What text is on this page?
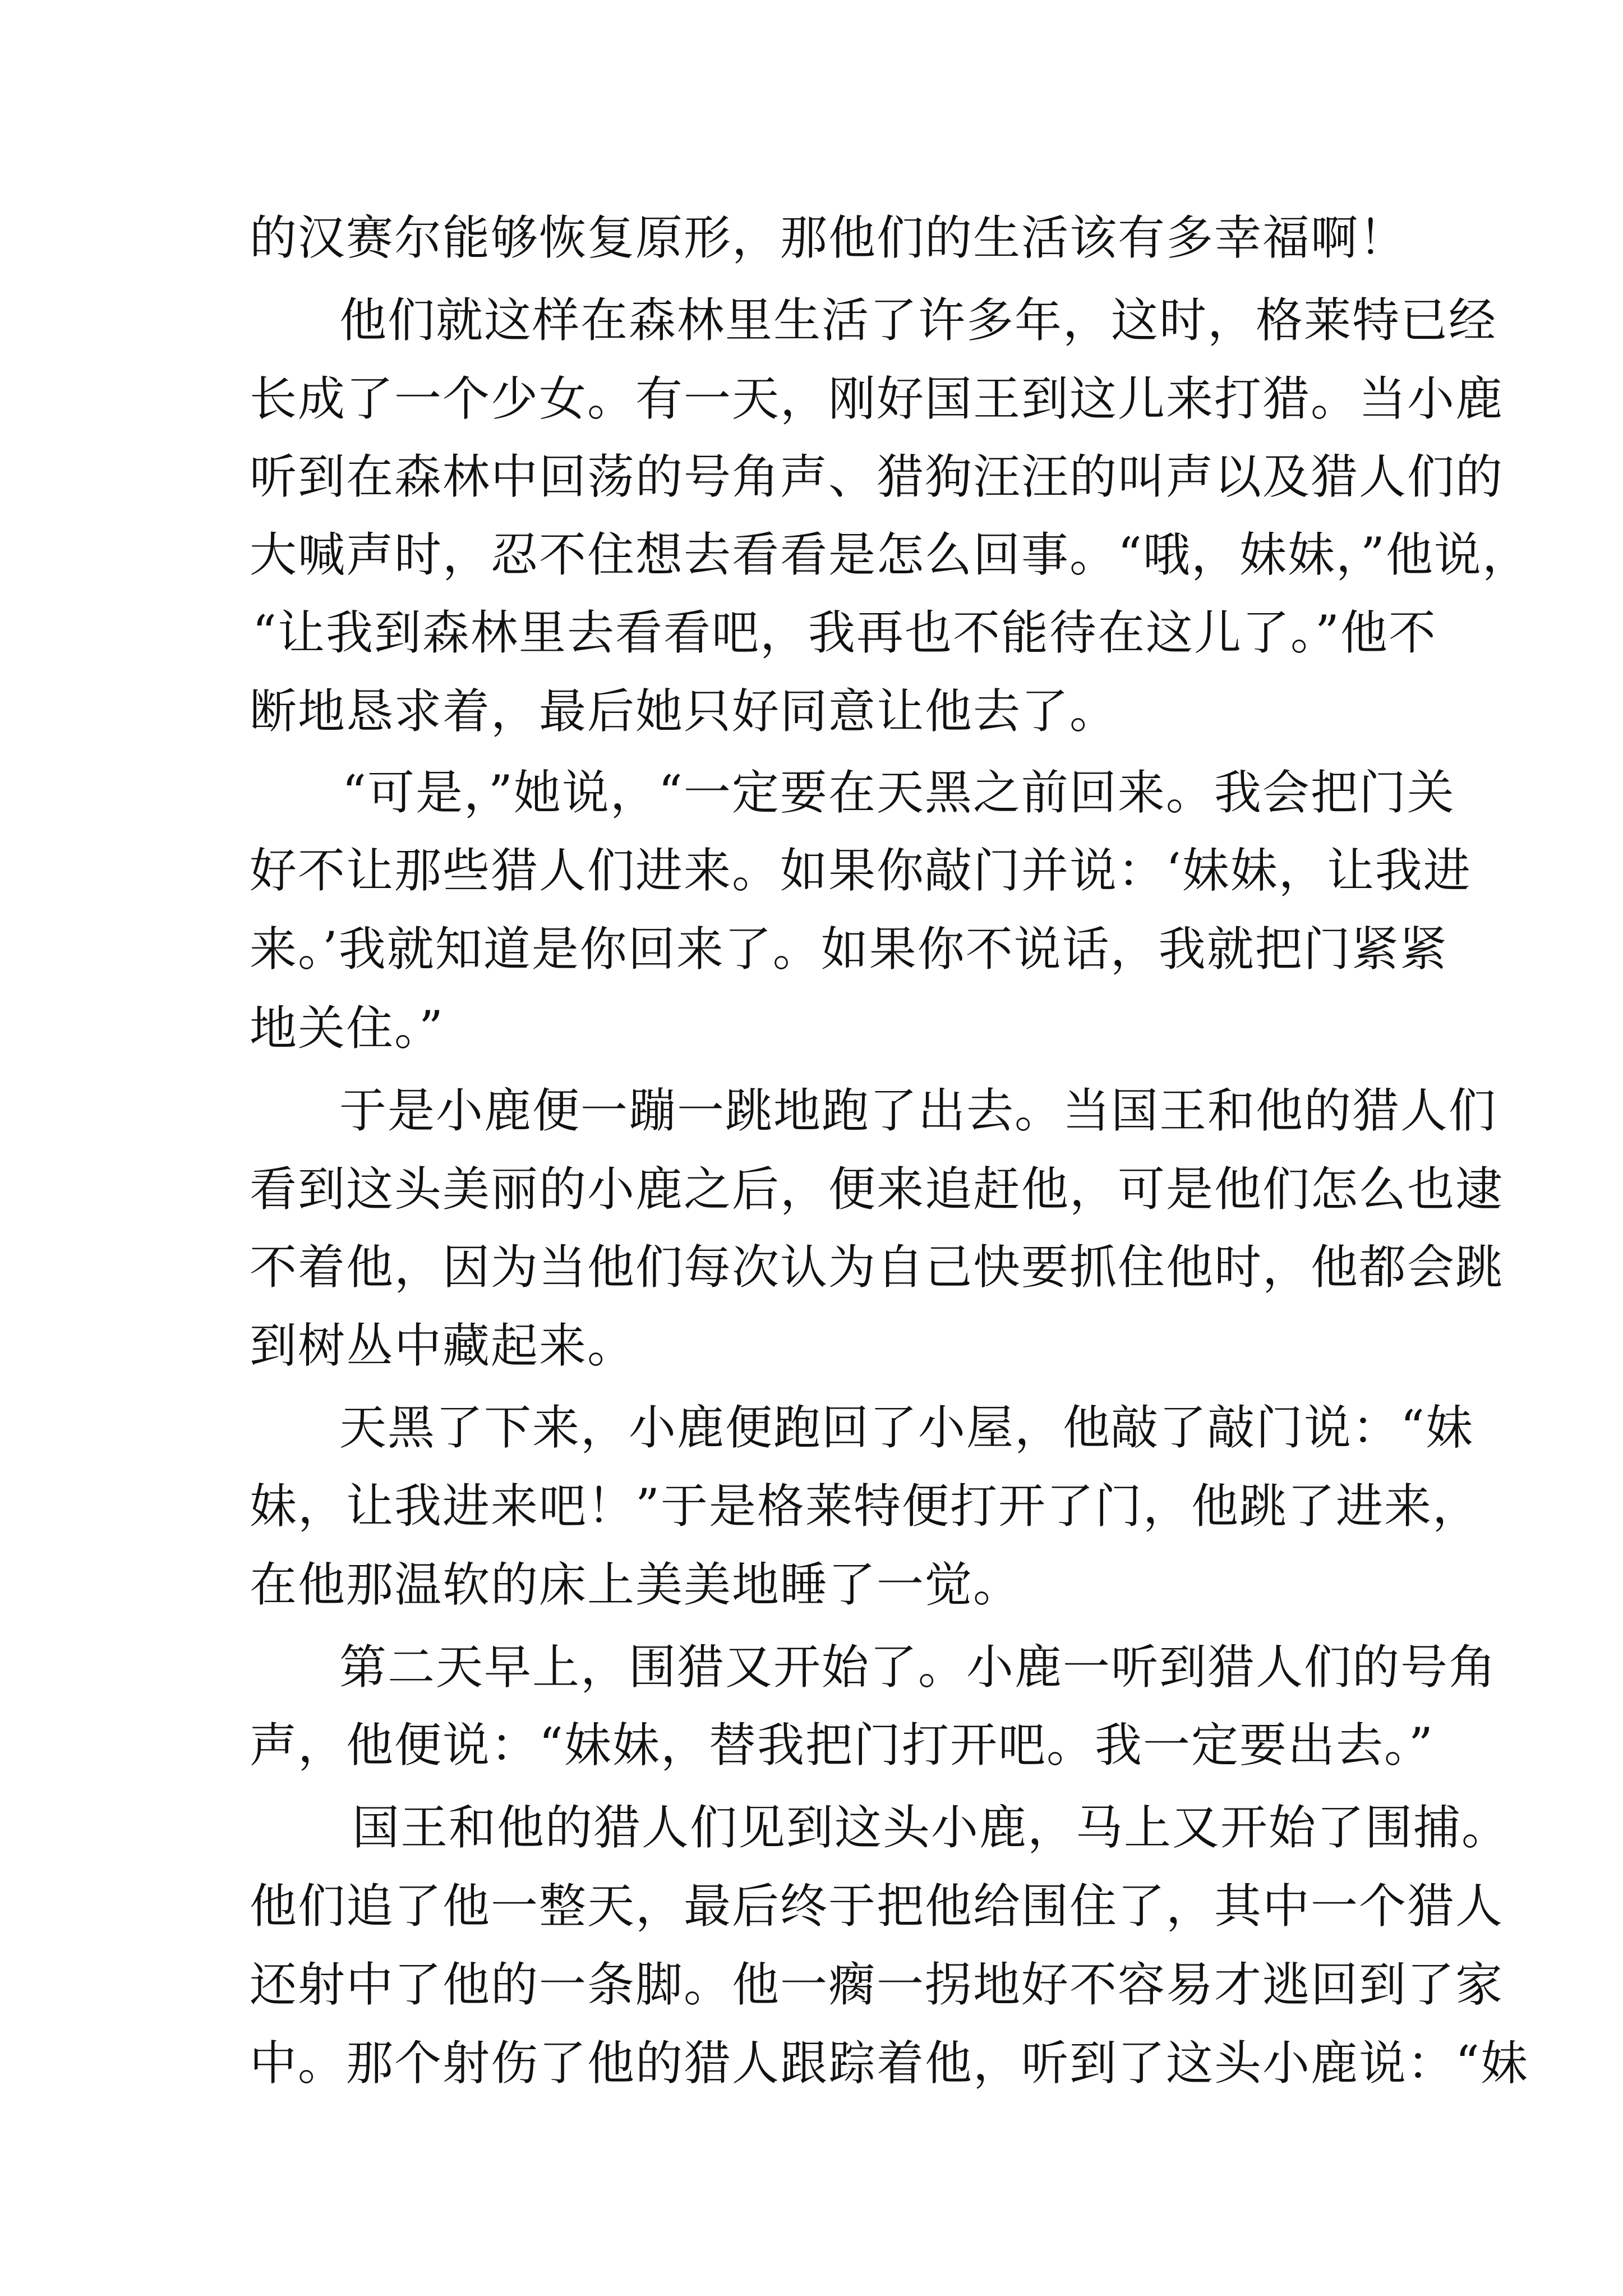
的汉赛尔能够恢复原形，那他们的生活该有多幸福啊！
他们就这样在森林里生活了许多年，这时，格莱特已经
长成了一个少女。有一天，刚好国王到这儿来打猎。当小鹿
听到在森林中回荡的号角声、猎狗汪汪的叫声以及猎人们的
大喊声时，忍不住想去看看是怎么回事。“哦，妹妹，”他说，
“让我到森林里去看看吧，我再也不能待在这儿了。”他不
断地恳求着，最后她只好同意让他去了。
“可是，”她说，“一定要在天黑之前回来。我会把门关
好不让那些猎人们进来。如果你敲门并说：‘妹妹，让我进
来。’我就知道是你回来了。如果你不说话，我就把门紧紧
地关住。”
于是小鹿便一蹦一跳地跑了出去。当国王和他的猎人们
看到这头美丽的小鹿之后，便来追赶他，可是他们怎么也逮
不着他，因为当他们每次认为自己快要抓住他时，他都会跳
到树丛中藏起来。
天黑了下来，小鹿便跑回了小屋，他敲了敲门说：“妹
妹，让我进来吧！”于是格莱特便打开了门，他跳了进来，
在他那温软的床上美美地睡了一觉。
第二天早上，围猎又开始了。小鹿一听到猎人们的号角
声，他便说：“妹妹，替我把门打开吧。我一定要出去。”
国王和他的猎人们见到这头小鹿，马上又开始了围捕。
他们追了他一整天，最后终于把他给围住了，其中一个猎人
还射中了他的一条脚。他一瘸一拐地好不容易才逃回到了家
中。那个射伤了他的猎人跟踪着他，听到了这头小鹿说：“妹
